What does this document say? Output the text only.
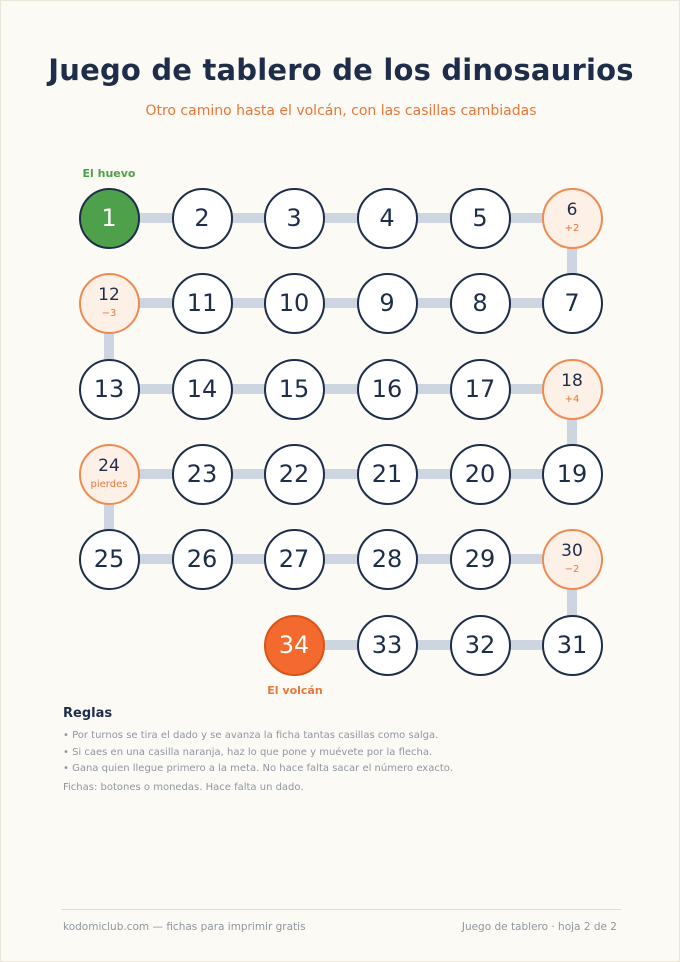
Juego de tablero de los dinosaurios
Otro camino hasta el volcán, con las casillas cambiadas
1	2	3	4	5	6
+2
7
8
9
10
11
12
−3
13	14	15	16	17	18
+4
19
20
21
22
23
24
pierdes
25	26	27	28	29	30
−2
31
32
33
34
El huevo
El volcán
Reglas
• Por turnos se tira el dado y se avanza la ficha tantas casillas como salga.
• Si caes en una casilla naranja, haz lo que pone y muévete por la flecha.
• Gana quien llegue primero a la meta. No hace falta sacar el número exacto.
Fichas: botones o monedas. Hace falta un dado.
kodomiclub.com — fichas para imprimir gratis	Juego de tablero · hoja 2 de 2
